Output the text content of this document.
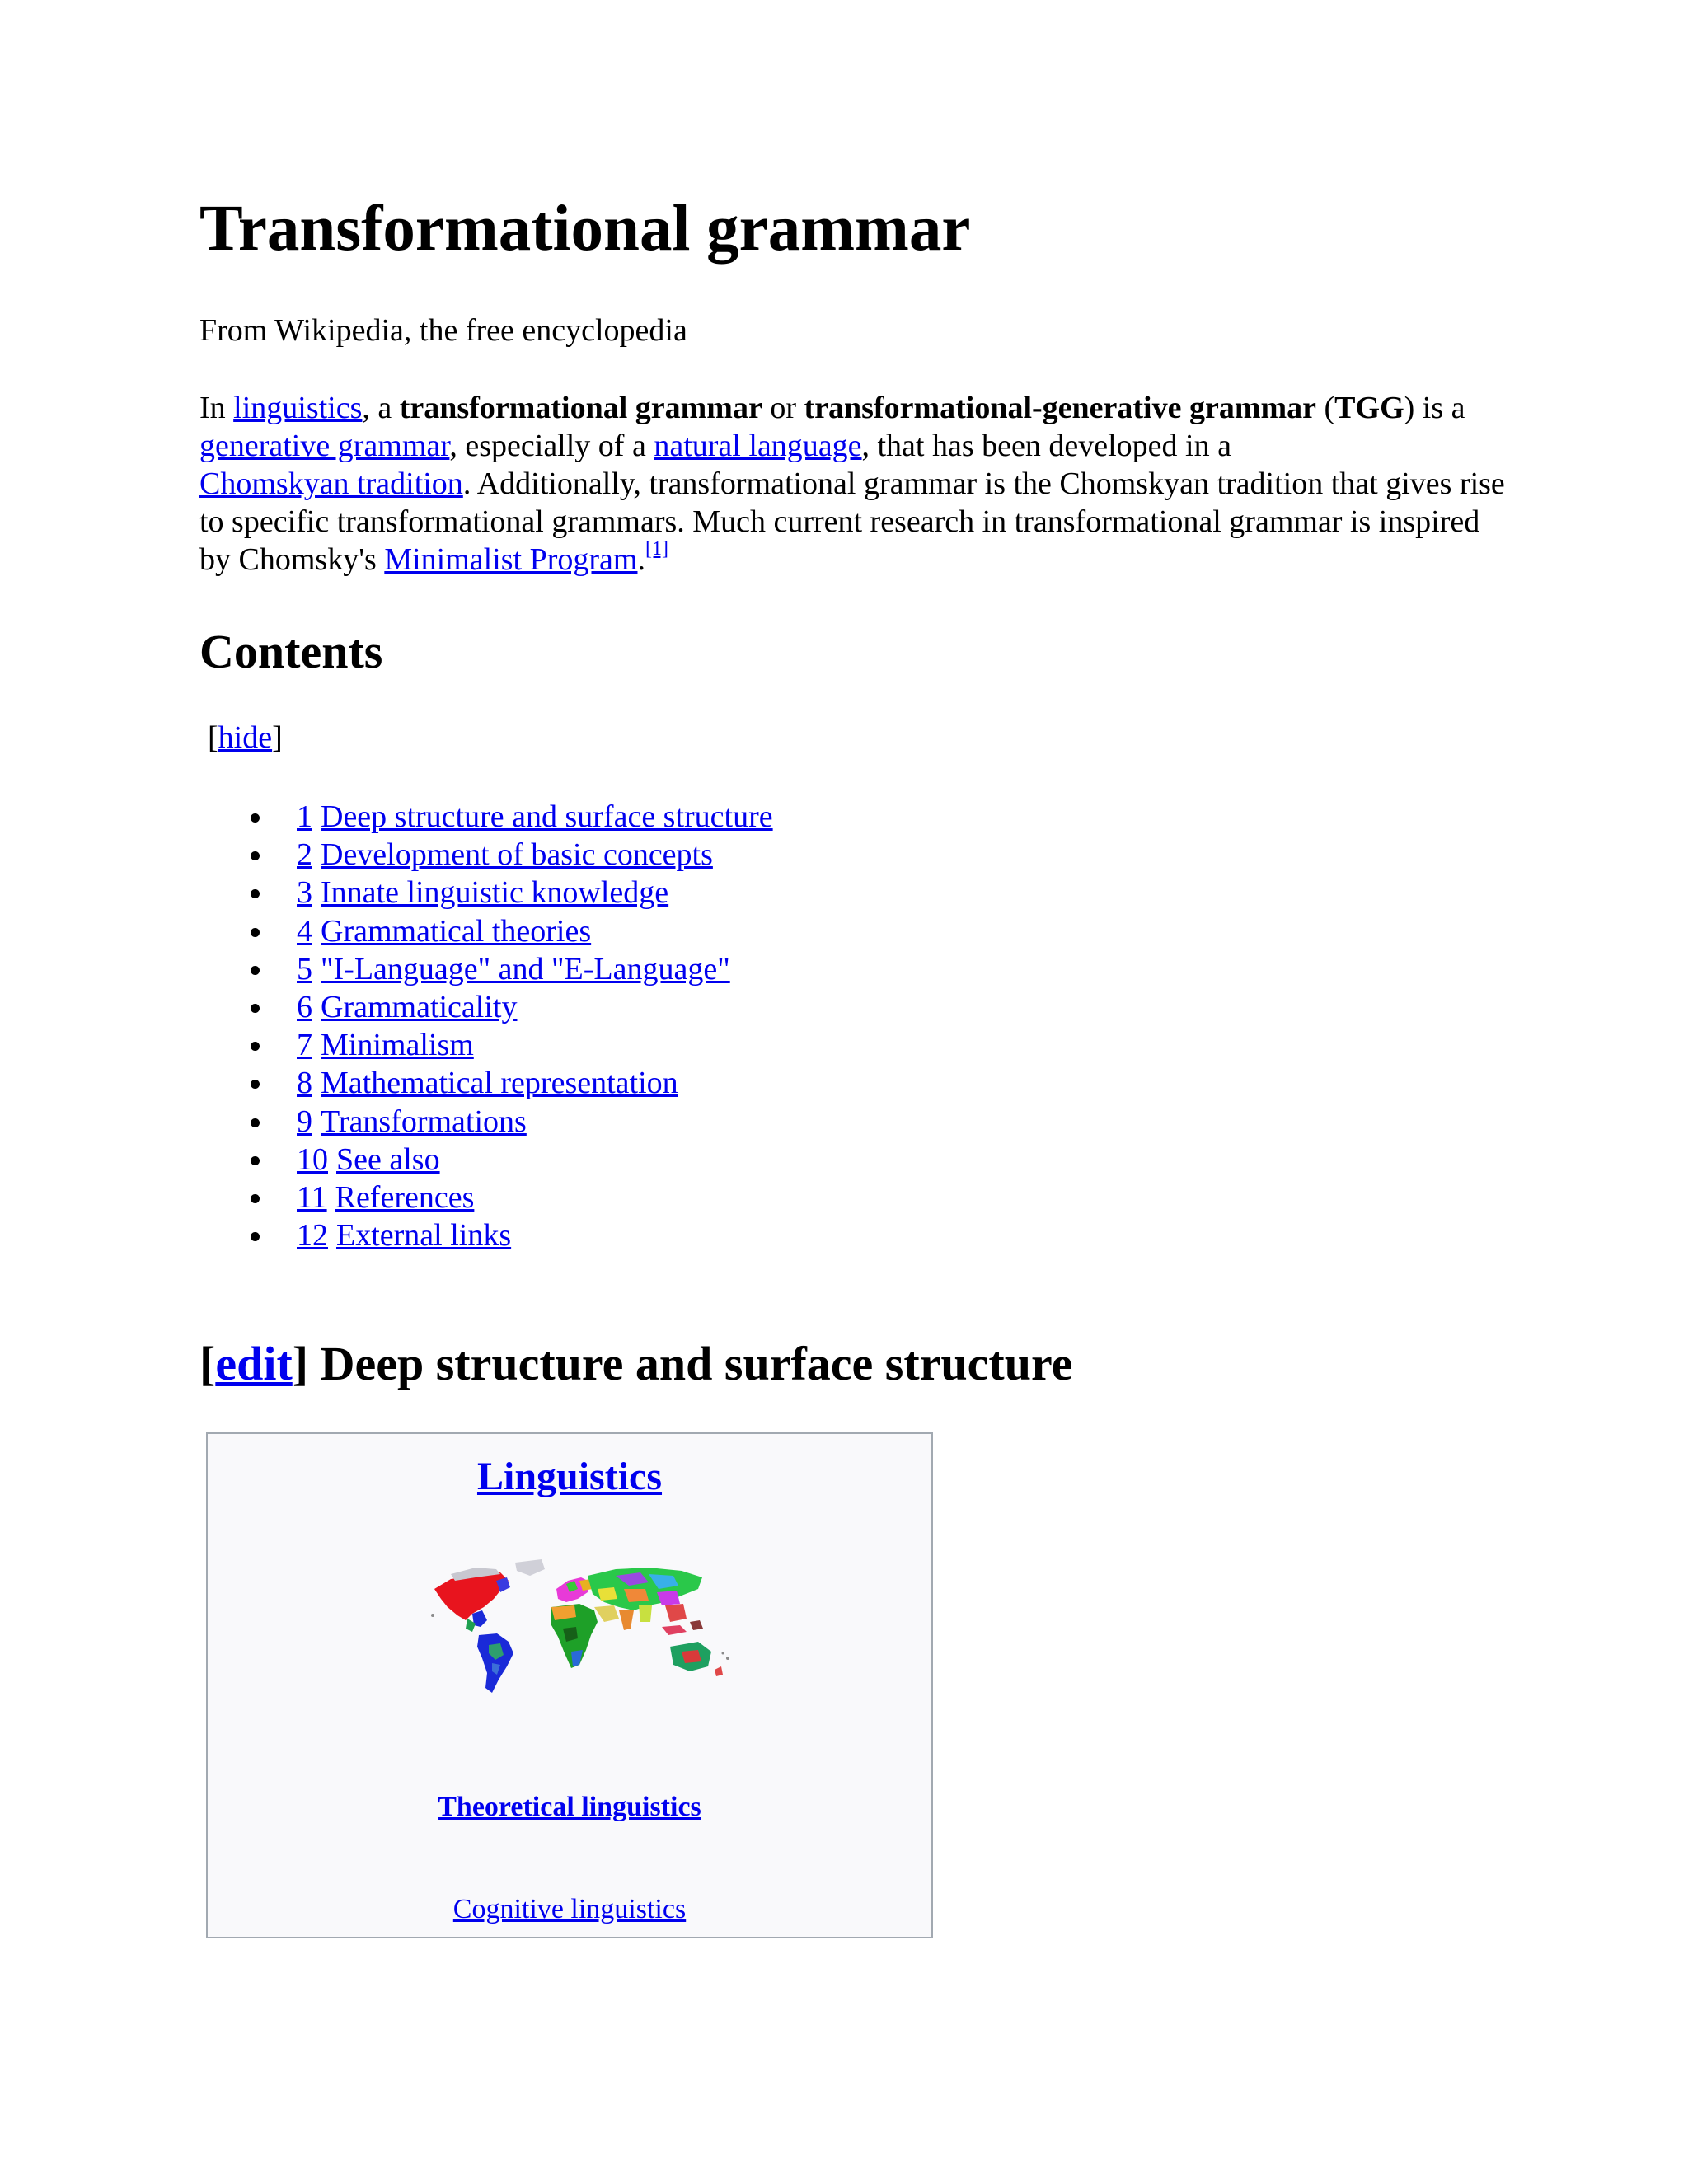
Transformational grammar
From Wikipedia, the free encyclopedia

In linguistics, a transformational grammar or transformational-generative grammar (TGG) is a generative grammar, especially of a natural language, that has been developed in a
Chomskyan tradition. Additionally, transformational grammar is the Chomskyan tradition that gives rise to specific transformational grammars. Much current research in transformational grammar is inspired by Chomsky's Minimalist Program.[1]

Contents
[hide]
1 Deep structure and surface structure
2 Development of basic concepts
3 Innate linguistic knowledge
4 Grammatical theories
5 "I-Language" and "E-Language"
6 Grammaticality
7 Minimalism
8 Mathematical representation
9 Transformations
10 See also
11 References
12 External links
[edit] Deep structure and surface structure
Linguistics
Theoretical linguistics
Cognitive linguistics
